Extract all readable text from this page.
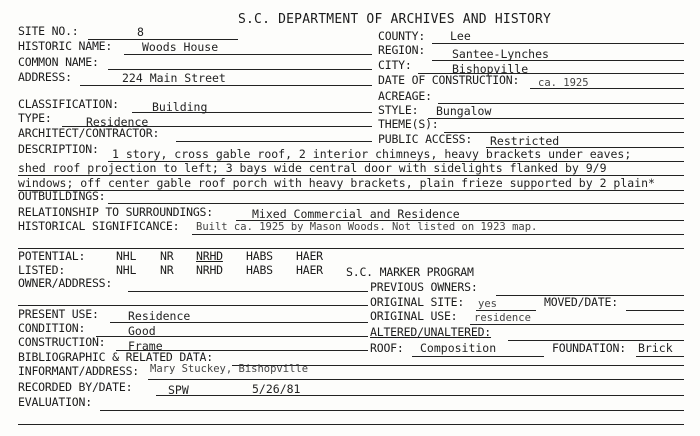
S.C. DEPARTMENT OF ARCHIVES AND HISTORY
SITE NO.:	8	COUNTY: Lee
HISTORIC NAME:	Woods House	REGION: Santee-Lynches
COMMON NAME:	CITY:	Bishopville
ADDRESS:	224 Main Street	DATE OF CONSTRUCTION: ca. 1925
ACREAGE:
CLASSIFICATION:	Building	STYLE: Bungalow
TYPE:	Residence	THEME(S):
ARCHITECT/CONTRACTOR:	PUBLIC ACCESS: Restricted
DESCRIPTION: 1 story, cross gable roof, 2 interior chimneys, heavy brackets under eaves;
shed roof projection to left; 3 bays wide central door with sidelights flanked by 9/9
windows; off center gable roof porch with heavy brackets, plain frieze supported by 2 plain*
OUTBUILDINGS:
RELATIONSHIP TO SURROUNDINGS:	Mixed Commercial and Residence
HISTORICAL SIGNIFICANCE: Built ca. 1925 by Mason Woods. Not listed on 1923 map.
POTENTIAL:	NHL NR NRHD HABS HAER
LISTED:	NHL NR NRHD HABS HAER S.C. MARKER PROGRAM
OWNER/ADDRESS:	PREVIOUS OWNERS:
ORIGINAL SITE: yes	MOVED/DATE:
PRESENT USE:	Residence	ORIGINAL USE: residence
CONDITION:	Good	ALTERED/UNALTERED:
CONSTRUCTION: Frame	ROOF: Composition	FOUNDATION: Brick
BIBLIOGRAPHIC & RELATED DATA:
INFORMANT/ADDRESS: Mary Stuckey, Bishopville
RECORDED BY/DATE:	SPW	5/26/81
EVALUATION:
